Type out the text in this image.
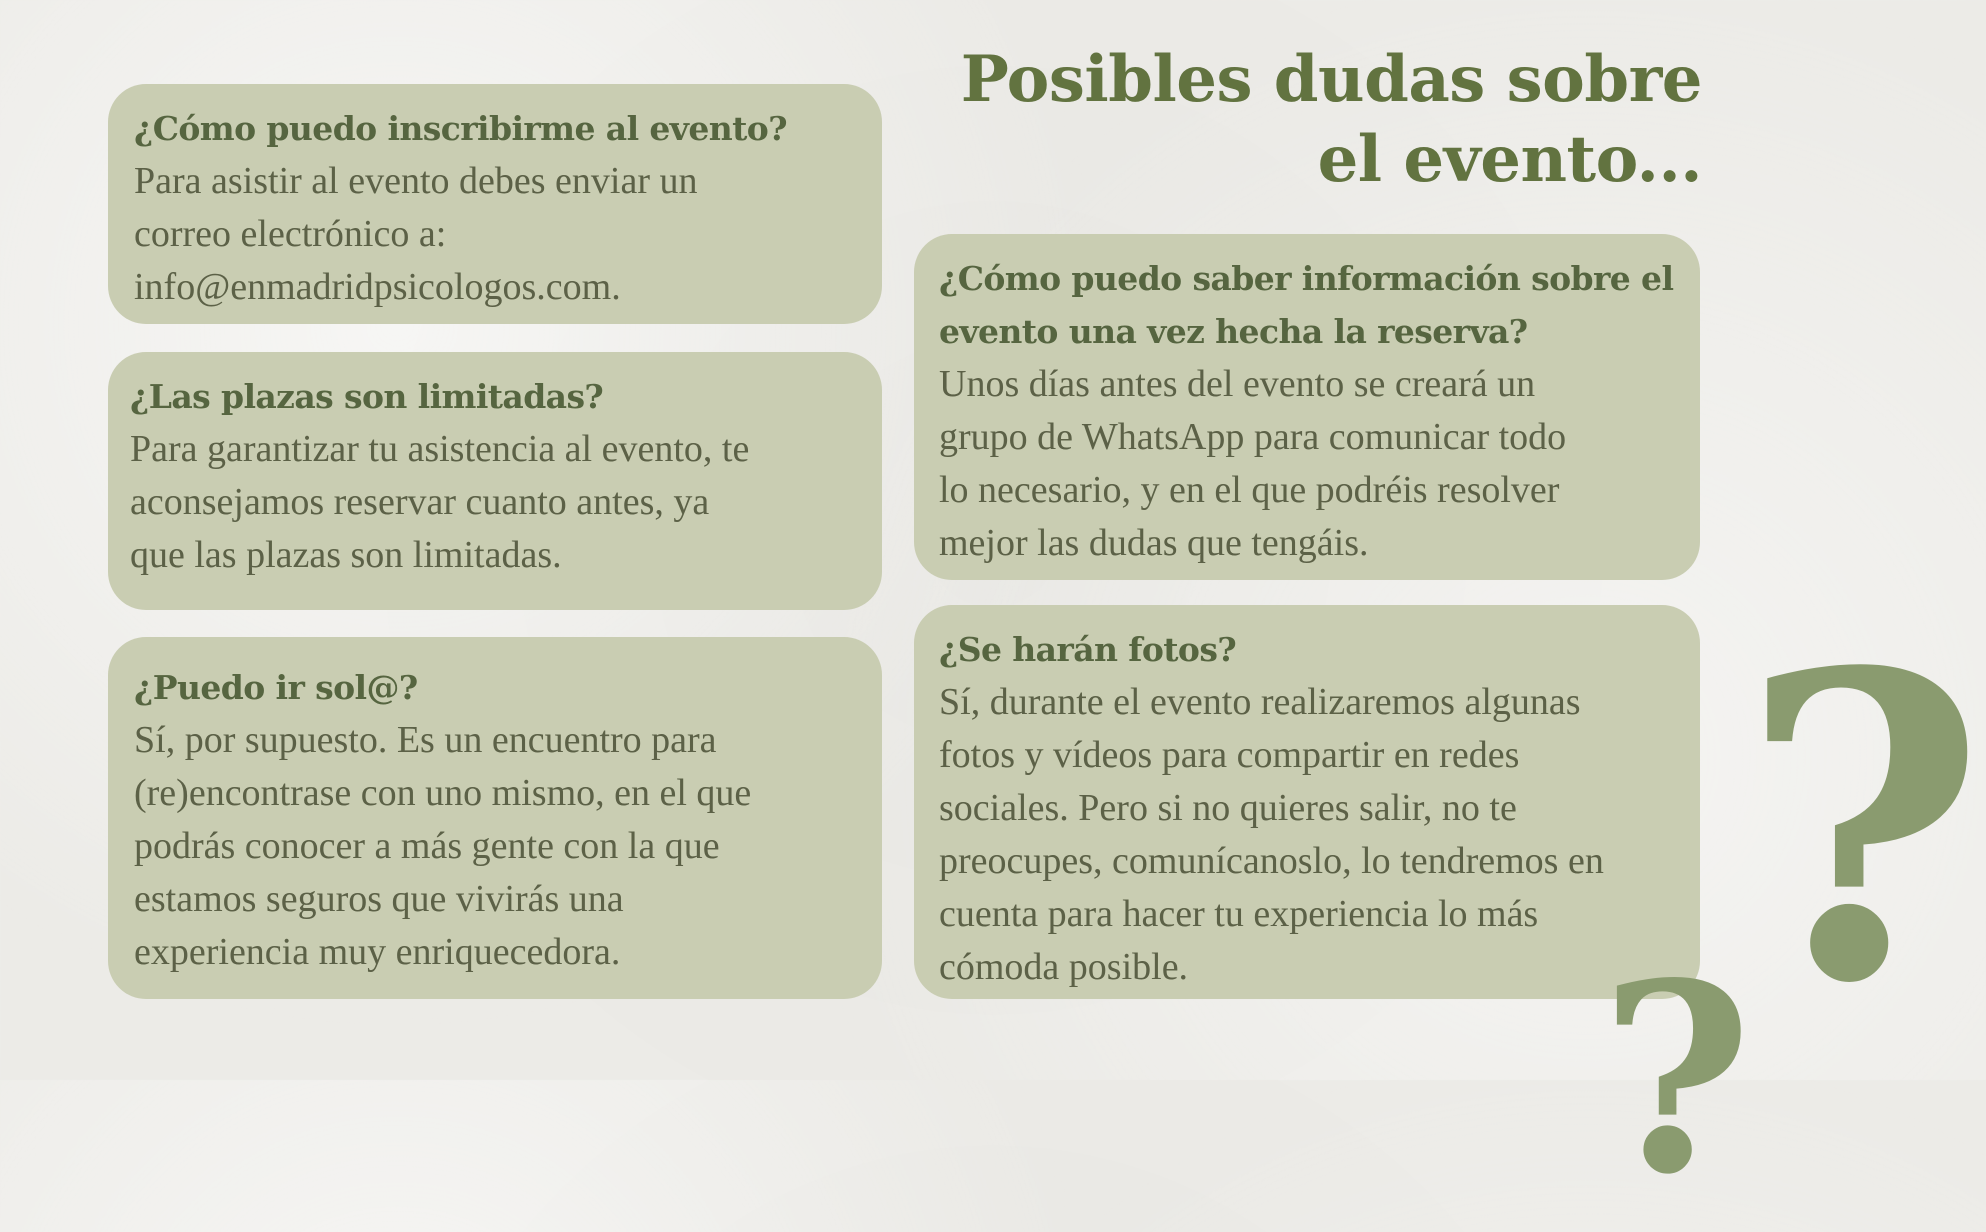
Posibles dudas sobre
el evento...
¿Cómo puedo inscribirme al evento?
Para asistir al evento debes enviar un
correo electrónico a:
info@enmadridpsicologos.com.
¿Las plazas son limitadas?
Para garantizar tu asistencia al evento, te
aconsejamos reservar cuanto antes, ya
que las plazas son limitadas.
¿Puedo ir sol@?
Sí, por supuesto. Es un encuentro para
(re)encontrase con uno mismo, en el que
podrás conocer a más gente con la que
estamos seguros que vivirás una
experiencia muy enriquecedora.
¿Cómo puedo saber información sobre el
evento una vez hecha la reserva?
Unos días antes del evento se creará un
grupo de WhatsApp para comunicar todo
lo necesario, y en el que podréis resolver
mejor las dudas que tengáis.
¿Se harán fotos?
Sí, durante el evento realizaremos algunas
fotos y vídeos para compartir en redes
sociales. Pero si no quieres salir, no te
preocupes, comunícanoslo, lo tendremos en
cuenta para hacer tu experiencia lo más
cómoda posible.	?
?
